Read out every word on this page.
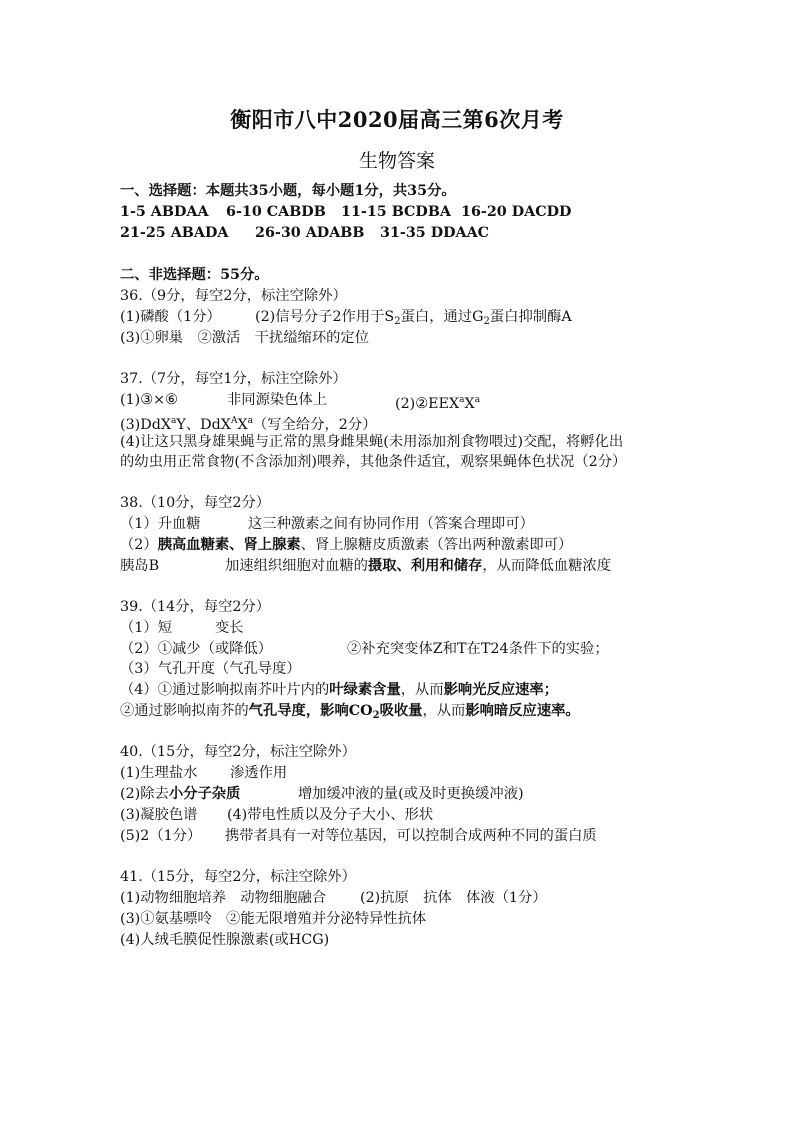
衡阳市八中2020届高三第6次月考
生物答案
一、选择题：本题共35小题，每小题1分，共35分。
1-5 ABDAA 6-10 CABDB 11-15 BCDBA 16-20 DACDD
21-25 ABADA 26-30 ADABB 31-35 DDAAC
二、非选择题：55分。
36.（9分，每空2分，标注空除外）
(1)磷酸（1分） (2)信号分子2作用于$S_2$蛋白，通过$G_2$蛋白抑制酶A
(3)①卵巢　②激活　干扰缢缩环的定位
37.（7分，每空1分，标注空除外）
(1)③×⑥	非同源染色体上	$(2)②EEX^aX^a$
(3)DdX$^a$Y、$DdX^AX^a$（写全给分，2分）
(4)让这只黑身雄果蝇与正常的黑身雌果蝇(未用添加剂食物喂过)交配，将孵化出
的幼虫用正常食物(不含添加剂)喂养，其他条件适宜，观察果蝇体色状况（2分）
38.（10分，每空2分）
（1）升血糖	这三种激素之间有协同作用（答案合理即可）
（2）胰高血糖素、肾上腺素、肾上腺糖皮质激素（答出两种激素即可）
胰岛B	加速组织细胞对血糖的摄取、利用和储存，从而降低血糖浓度
39.（14分，每空2分）
（1）短	变长
（2）①减少（或降低）	②补充突变体Z和T在T24条件下的实验；
（3）气孔开度（气孔导度）
（4）①通过影响拟南芥叶片内的叶绿素含量，从而影响光反应速率；
②通过影响拟南芥的气孔导度，影响$CO_2$吸收量，从而影响暗反应速率。
40.（15分，每空2分，标注空除外）
(1)生理盐水 渗透作用
(2)除去小分子杂质	增加缓冲液的量(或及时更换缓冲液)
(3)凝胶色谱 (4)带电性质以及分子大小、形状
(5)2（1分） 携带者具有一对等位基因，可以控制合成两种不同的蛋白质
41.（15分，每空2分，标注空除外）
(1)动物细胞培养　动物细胞融合 (2)抗原　抗体　体液（1分）
(3)①氨基嘌呤　②能无限增殖并分泌特异性抗体
(4)人绒毛膜促性腺激素(或HCG)
